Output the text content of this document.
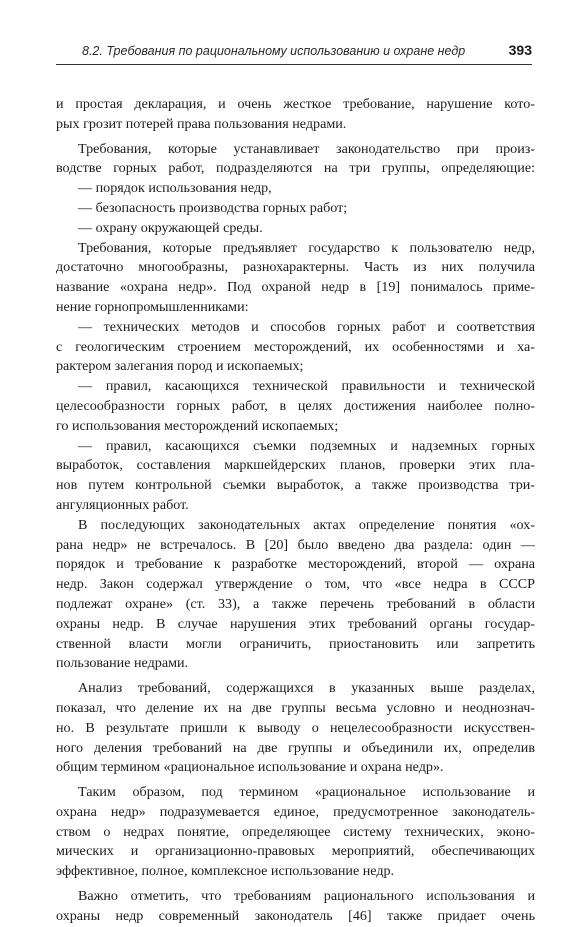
8.2. Требования по рациональному использованию и охране недр	393
и простая декларация, и очень жесткое требование, нарушение кото-
рых грозит потерей права пользования недрами.
Требования, которые устанавливает законодательство при произ-
водстве горных работ, подразделяются на три группы, определяющие:
— порядок использования недр,
— безопасность производства горных работ;
— охрану окружающей среды.
Требования, которые предъявляет государство к пользователю недр,
достаточно многообразны, разнохарактерны. Часть из них получила
название «охрана недр». Под охраной недр в [19] понималось приме-
нение горнопромышленниками:
— технических методов и способов горных работ и соответствия
с геологическим строением месторождений, их особенностями и ха-
рактером залегания пород и ископаемых;
— правил, касающихся технической правильности и технической
целесообразности горных работ, в целях достижения наиболее полно-
го использования месторождений ископаемых;
— правил, касающихся съемки подземных и надземных горных
выработок, составления маркшейдерских планов, проверки этих пла-
нов путем контрольной съемки выработок, а также производства три-
ангуляционных работ.
В последующих законодательных актах определение понятия «ох-
рана недр» не встречалось. В [20] было введено два раздела: один —
порядок и требование к разработке месторождений, второй — охрана
недр. Закон содержал утверждение о том, что «все недра в СССР
подлежат охране» (ст. 33), а также перечень требований в области
охраны недр. В случае нарушения этих требований органы государ-
ственной власти могли ограничить, приостановить или запретить
пользование недрами.
Анализ требований, содержащихся в указанных выше разделах,
показал, что деление их на две группы весьма условно и неоднознач-
но. В результате пришли к выводу о нецелесообразности искусствен-
ного деления требований на две группы и объединили их, определив
общим термином «рациональное использование и охрана недр».
Таким образом, под термином «рациональное использование и
охрана недр» подразумевается единое, предусмотренное законодатель-
ством о недрах понятие, определяющее систему технических, эконо-
мических и организационно-правовых мероприятий, обеспечивающих
эффективное, полное, комплексное использование недр.
Важно отметить, что требованиям рационального использования и
охраны недр современный законодатель [46] также придает очень
